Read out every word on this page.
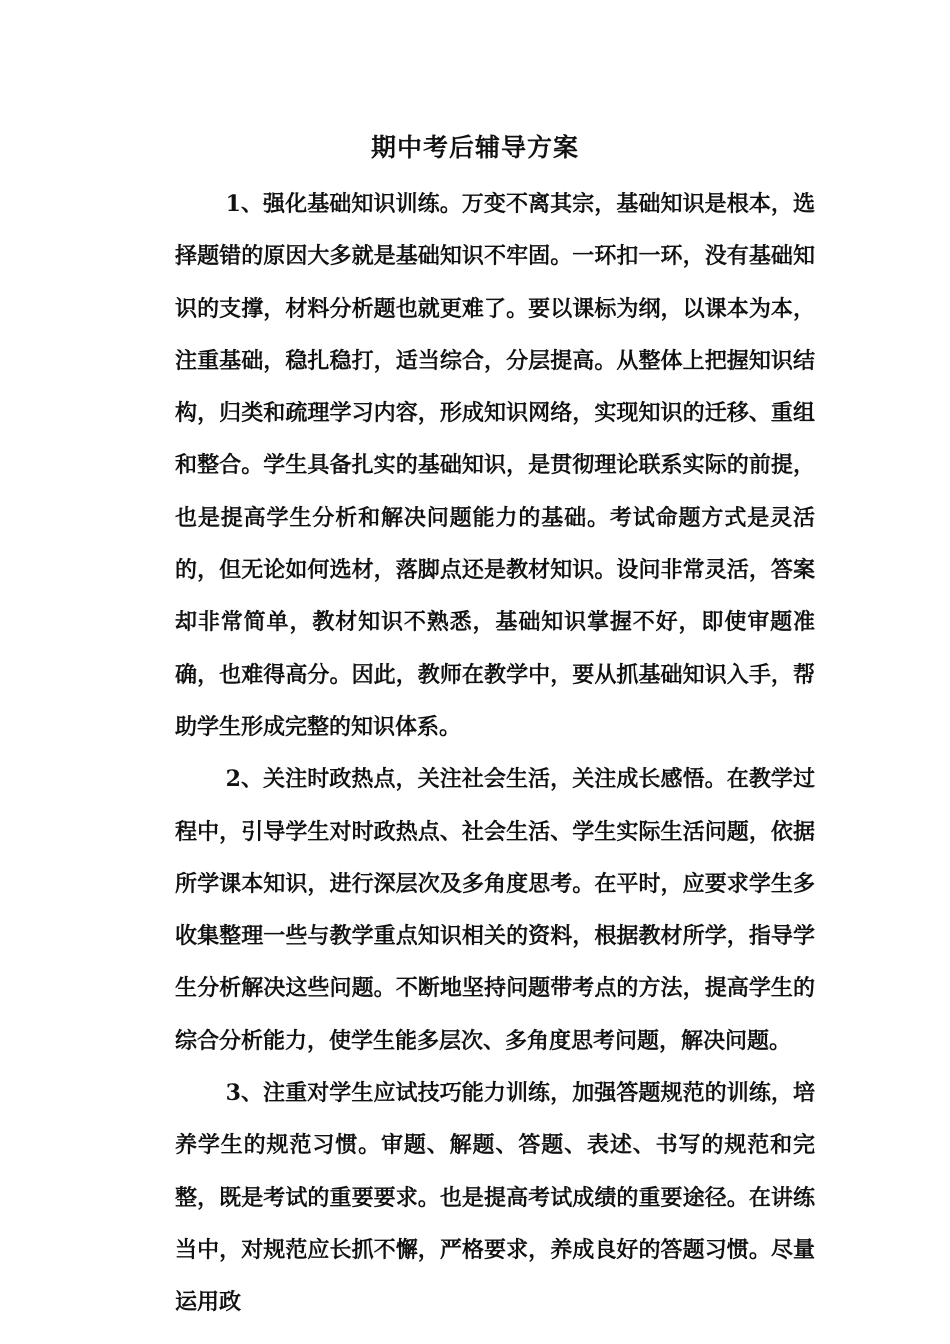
期中考后辅导方案

1、强化基础知识训练。万变不离其宗，基础知识是根本，选择题错的原因大多就是基础知识不牢固。一环扣一环，没有基础知识的支撑，材料分析题也就更难了。要以课标为纲，以课本为本，注重基础，稳扎稳打，适当综合，分层提高。从整体上把握知识结构，归类和疏理学习内容，形成知识网络，实现知识的迁移、重组和整合。学生具备扎实的基础知识，是贯彻理论联系实际的前提，也是提高学生分析和解决问题能力的基础。考试命题方式是灵活的，但无论如何选材，落脚点还是教材知识。设问非常灵活，答案却非常简单，教材知识不熟悉，基础知识掌握不好，即使审题准确，也难得高分。因此，教师在教学中，要从抓基础知识入手，帮助学生形成完整的知识体系。

2、关注时政热点，关注社会生活，关注成长感悟。在教学过程中，引导学生对时政热点、社会生活、学生实际生活问题，依据所学课本知识，进行深层次及多角度思考。在平时，应要求学生多收集整理一些与教学重点知识相关的资料，根据教材所学，指导学生分析解决这些问题。不断地坚持问题带考点的方法，提高学生的综合分析能力，使学生能多层次、多角度思考问题，解决问题。

3、注重对学生应试技巧能力训练，加强答题规范的训练，培养学生的规范习惯。审题、解题、答题、表述、书写的规范和完整，既是考试的重要要求。也是提高考试成绩的重要途径。在讲练当中，对规范应长抓不懈，严格要求，养成良好的答题习惯。尽量运用政
